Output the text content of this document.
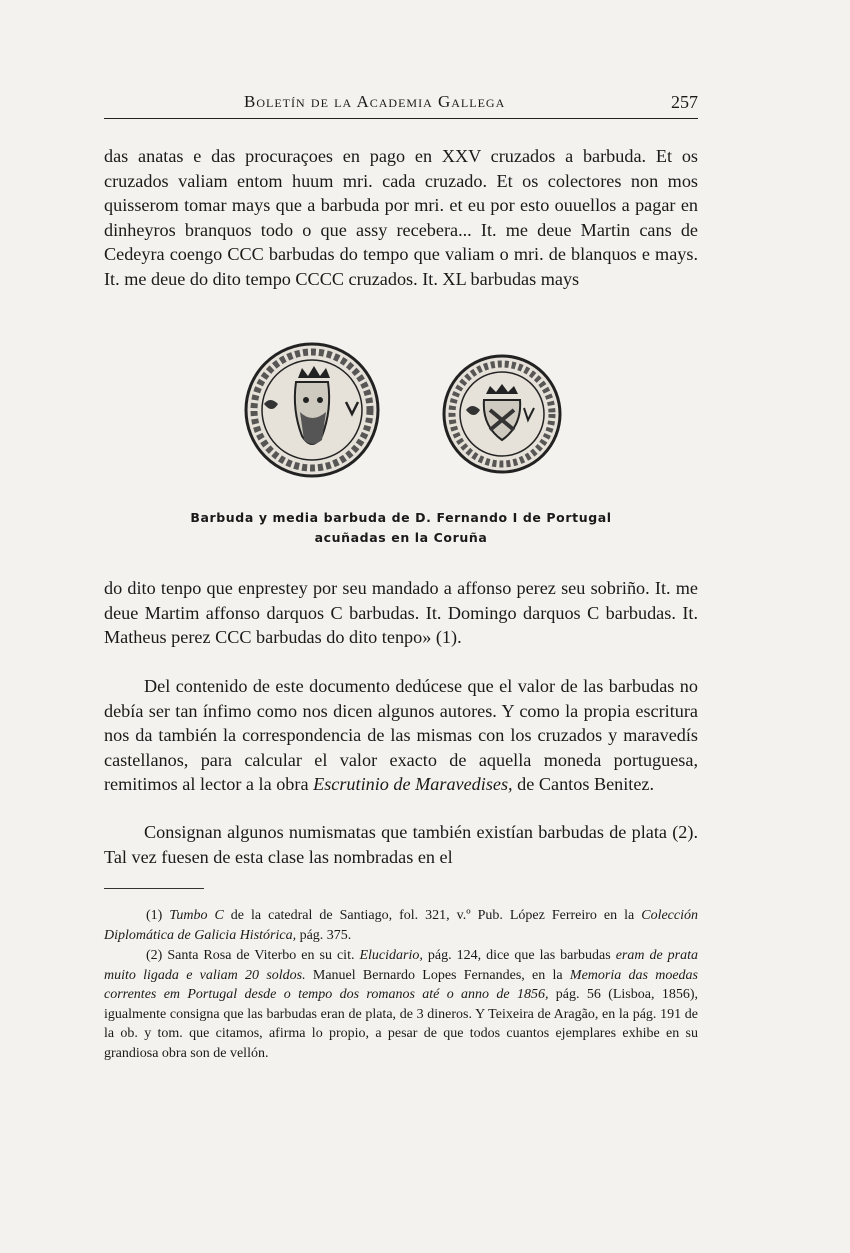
Boletín de la Academia Gallega	257

das anatas e das procuraçoes en pago en XXV cruzados a barbuda. Et os cruzados valiam entom huum mri. cada cruzado. Et os colectores non mos quisserom tomar mays que a barbuda por mri. et eu por esto ouuellos a pagar en dinheyros branquos todo o que assy recebera... It. me deue Martin cans de Cedeyra coengo CCC barbudas do tempo que valiam o mri. de blanquos e mays. It. me deue do dito tempo CCCC cruzados. It. XL barbudas mays

Barbuda y media barbuda de D. Fernando I de Portugal
acuñadas en la Coruña

do dito tenpo que enprestey por seu mandado a affonso perez seu sobriño. It. me deue Martim affonso darquos C barbudas. It. Domingo darquos C barbudas. It. Matheus perez CCC barbudas do dito tenpo» (1).

Del contenido de este documento dedúcese que el valor de las barbudas no debía ser tan ínfimo como nos dicen algunos autores. Y como la propia escritura nos da también la correspondencia de las mismas con los cruzados y maravedís castellanos, para calcular el valor exacto de aquella moneda portuguesa, remitimos al lector a la obra Escrutinio de Maravedises, de Cantos Benitez.

Consignan algunos numismatas que también existían barbudas de plata (2). Tal vez fuesen de esta clase las nombradas en el

(1) Tumbo C de la catedral de Santiago, fol. 321, v.º Pub. López Ferreiro en la Colección Diplomática de Galicia Histórica, pág. 375.

(2) Santa Rosa de Viterbo en su cit. Elucidario, pág. 124, dice que las barbudas eram de prata muito ligada e valiam 20 soldos. Manuel Bernardo Lopes Fernandes, en la Memoria das moedas correntes em Portugal desde o tempo dos romanos até o anno de 1856, pág. 56 (Lisboa, 1856), igualmente consigna que las barbudas eran de plata, de 3 dineros. Y Teixeira de Aragão, en la pág. 191 de la ob. y tom. que citamos, afirma lo propio, a pesar de que todos cuantos ejemplares exhibe en su grandiosa obra son de vellón.
